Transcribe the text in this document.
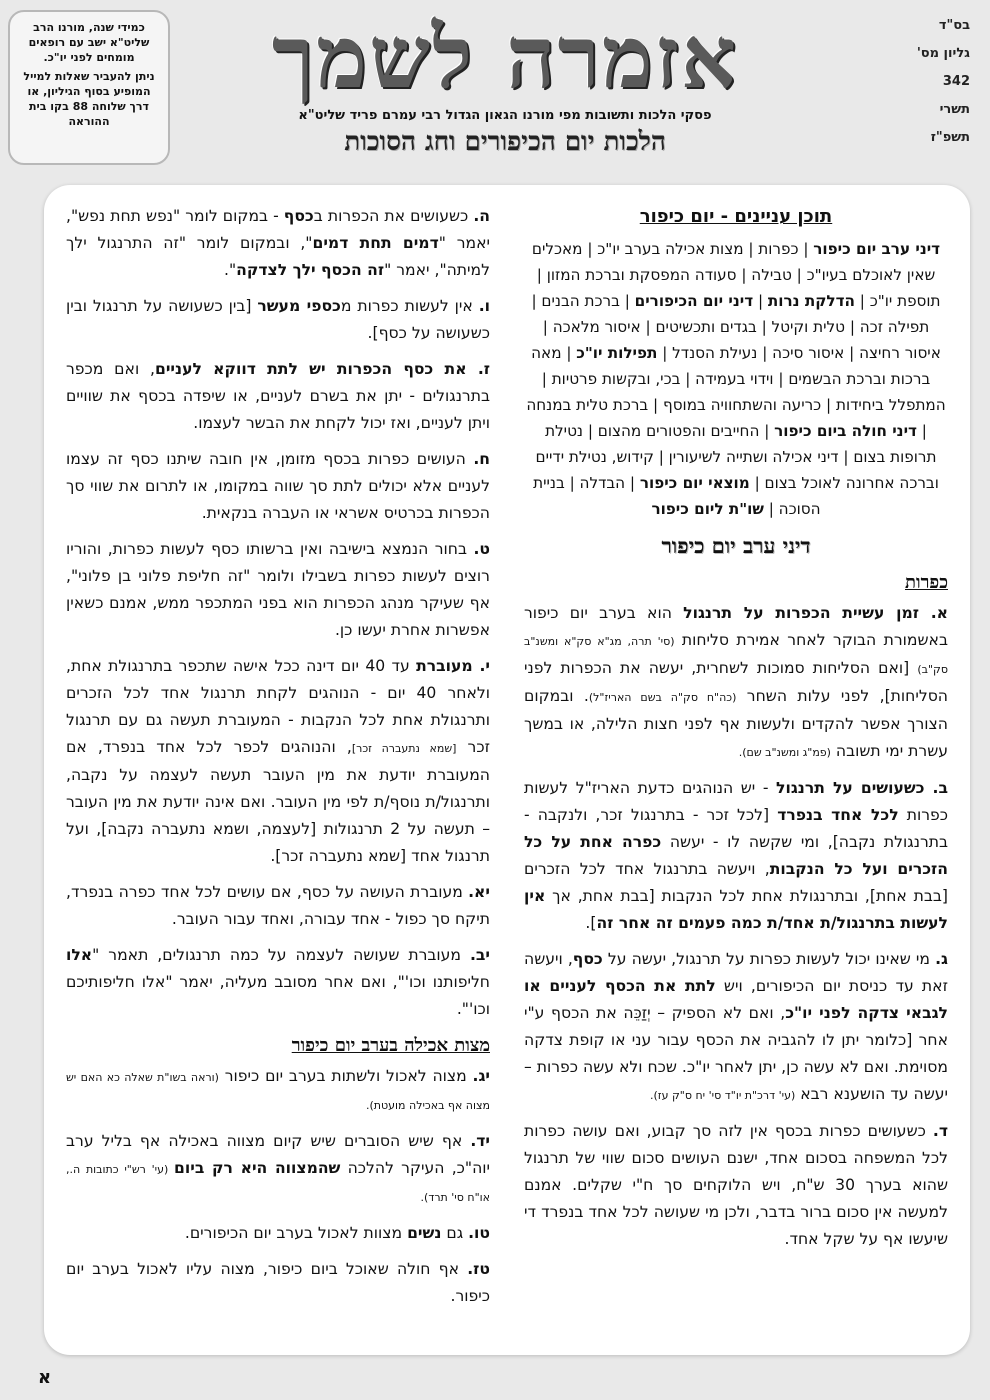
בס"ד
גליון מס'
342
תשרי תשפ"ז
אזמרה לשמך
פסקי הלכות ותשובות מפי מורנו הגאון הגדול רבי עמרם פריד שליט"א
הלכות יום הכיפורים וחג הסוכות

כמידי שנה, מורנו הרב שליט"א ישב עם רופאים מומחים לפני יו"כ.

ניתן להעביר שאלות למייל המופיע בסוף הגיליון, או דרך שלוחה 88 בקו בית ההוראה

תוכן עניינים - יום כיפור
דיני ערב יום כיפור | כפרות | מצות אכילה בערב יו"כ | מאכלים שאין לאוכלם בעיו"כ | טבילה | סעודה המפסקת וברכת המזון | תוספת יו"כ | הדלקת נרות | דיני יום הכיפורים | ברכת הבנים | תפילה זכה | טלית וקיטל | בגדים ותכשיטים | איסור מלאכה | איסור רחיצה | איסור סיכה | נעילת הסנדל | תפילות יו"כ | מאה ברכות וברכת הבשמים | וידוי בעמידה | בכי, ובקשות פרטיות | המתפלל ביחידות | כריעה והשתחוויה במוסף | ברכת טלית במנחה | דיני חולה ביום כיפור | החייבים והפטורים מהצום | נטילת תרופות בצום | דיני אכילה ושתייה לשיעורין | קידוש, נטילת ידיים וברכה אחרונה לאוכל בצום | מוצאי יום כיפור | הבדלה | בניית הסוכה | שו"ת ליום כיפור
דיני ערב יום כיפור
כפרות

א. זמן עשיית הכפרות על תרנגול הוא בערב יום כיפור באשמורת הבוקר לאחר אמירת סליחות (סי' תרה, מג"א סק"א ומשנ"ב סק"ב) [ואם הסליחות סמוכות לשחרית, יעשה את הכפרות לפני הסליחות], לפני עלות השחר (כה"ח סק"ה בשם האריז"ל). ובמקום הצורך אפשר להקדים ולעשות אף לפני חצות הלילה, או במשך עשרת ימי תשובה (פמ"ג ומשנ"ב שם).

ב. כשעושים על תרנגול - יש הנוהגים כדעת האריז"ל לעשות כפרות לכל אחד בנפרד [לכל זכר - בתרנגול זכר, ולנקבה - בתרנגולת נקבה], ומי שקשה לו - יעשה כפרה אחת על כל הזכרים ועל כל הנקבות, ויעשה בתרנגול אחד לכל הזכרים [בבת אחת], ובתרנגולת אחת לכל הנקבות [בבת אחת, אך אין לעשות בתרנגול/ת אחד/ת כמה פעמים זה אחר זה].

ג. מי שאינו יכול לעשות כפרות על תרנגול, יעשה על כסף, ויעשה זאת עד כניסת יום הכיפורים, ויש לתת את הכסף לעניים או לגבאי צדקה לפני יו"כ, ואם לא הספיק – יְזַכֵּה את הכסף ע"י אחר [כלומר יתן לו להגביה את הכסף עבור עני או קופת צדקה מסוימת. ואם לא עשה כן, יתן לאחר יו"כ. שכח ולא עשה כפרות – יעשה עד הושענא רבא (עי' דרכ"ת יו"ד סי' יח ס"ק עז).

ד. כשעושים כפרות בכסף אין לזה סך קבוע, ואם עושה כפרות לכל המשפחה בסכום אחד, ישנם העושים סכום שווי של תרנגול שהוא בערך 30 ש"ח, ויש הלוקחים סך ח"י שקלים. אמנם למעשה אין סכום ברור בדבר, ולכן מי שעושה לכל אחד בנפרד די שיעשו אף על שקל אחד.

ה. כשעושים את הכפרות בכסף - במקום לומר "נפש תחת נפש", יאמר "דמים תחת דמים", ובמקום לומר "זה התרנגול ילך למיתה", יאמר "זה הכסף ילך לצדקה".

ו. אין לעשות כפרות מכספי מעשר [בין כשעושה על תרנגול ובין כשעושה על כסף].

ז. את כסף הכפרות יש לתת דווקא לעניים, ואם מכפר בתרנגולים - יתן את בשרם לעניים, או שיפדה בכסף את שוויים ויתן לעניים, ואז יכול לקחת את הבשר לעצמו.

ח. העושים כפרות בכסף מזומן, אין חובה שיתנו כסף זה עצמו לעניים אלא יכולים לתת סך שווה במקומו, או לתרום את שווי סך הכפרות בכרטיס אשראי או העברה בנקאית.

ט. בחור הנמצא בישיבה ואין ברשותו כסף לעשות כפרות, והוריו רוצים לעשות כפרות בשבילו ולומר "זה חליפת פלוני בן פלוני", אף שעיקר מנהג הכפרות הוא בפני המתכפר ממש, אמנם כשאין אפשרות אחרת יעשו כן.

י. מעוברת עד 40 יום דינה ככל אישה שתכפר בתרנגולת אחת, ולאחר 40 יום - הנוהגים לקחת תרנגול אחד לכל הזכרים ותרנגולת אחת לכל הנקבות - המעוברת תעשה גם עם תרנגול זכר [שמא נתעברה זכר], והנוהגים לכפר לכל אחד בנפרד, אם המעוברת יודעת את מין העובר תעשה לעצמה על נקבה, ותרנגול/ת נוסף/ת לפי מין העובר. ואם אינה יודעת את מין העובר – תעשה על 2 תרנגולות [לעצמה, ושמא נתעברה נקבה], ועל תרנגול אחד [שמא נתעברה זכר].

יא. מעוברת העושה על כסף, אם עושים לכל אחד כפרה בנפרד, תיקח סך כפול - אחד עבורה, ואחד עבור העובר.

יב. מעוברת שעושה לעצמה על כמה תרנגולים, תאמר "אלו חליפותנו וכו'", ואם אחר מסובב מעליה, יאמר "אלו חליפותיכם וכו'".

מצות אכילה בערב יום כיפור

יג. מצוה לאכול ולשתות בערב יום כיפור (וראה בשו"ת שאלה כא האם יש מצוה אף באכילה מועטת).

יד. אף שיש הסוברים שיש קיום מצווה באכילה אף בליל ערב יוה"כ, העיקר להלכה שהמצווה היא רק ביום (עי' רש"י כתובות ה., או"ח סי' תרד).

טו. גם נשים מצוות לאכול בערב יום הכיפורים.

טז. אף חולה שאוכל ביום כיפור, מצוה עליו לאכול בערב יום כיפור.

א
